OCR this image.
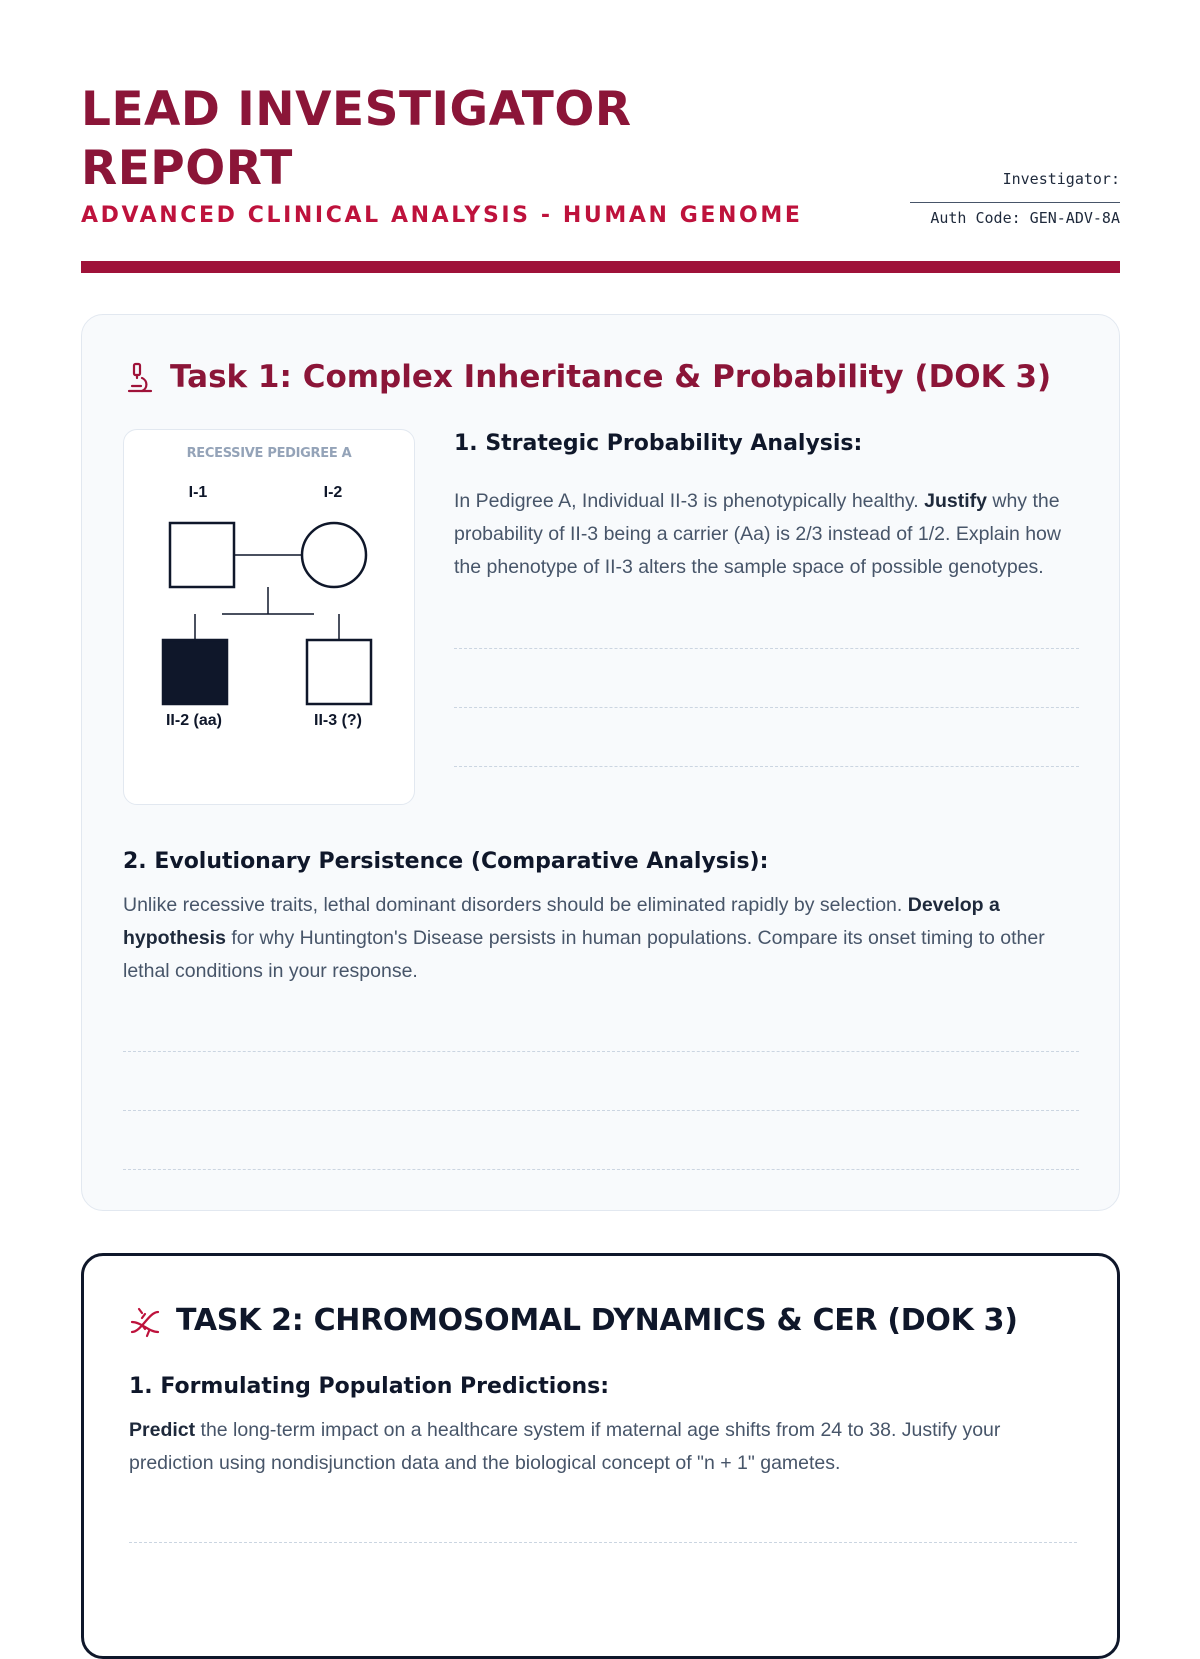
LEAD INVESTIGATOR
REPORT
ADVANCED CLINICAL ANALYSIS - HUMAN GENOME
Investigator:
Auth Code: GEN-ADV-8A
Task 1: Complex Inheritance & Probability (DOK 3)
RECESSIVE PEDIGREE A
I-1	I-2
II-2 (aa)	II-3 (?)
1. Strategic Probability Analysis:

In Pedigree A, Individual II-3 is phenotypically healthy. Justify why the probability of II-3 being a carrier (Aa) is 2/3 instead of 1/2. Explain how the phenotype of II-3 alters the sample space of possible genotypes.

2. Evolutionary Persistence (Comparative Analysis):

Unlike recessive traits, lethal dominant disorders should be eliminated rapidly by selection. Develop a hypothesis for why Huntington's Disease persists in human populations. Compare its onset timing to other lethal conditions in your response.

TASK 2: CHROMOSOMAL DYNAMICS & CER (DOK 3)
1. Formulating Population Predictions:

Predict the long-term impact on a healthcare system if maternal age shifts from 24 to 38. Justify your prediction using nondisjunction data and the biological concept of "n + 1" gametes.
